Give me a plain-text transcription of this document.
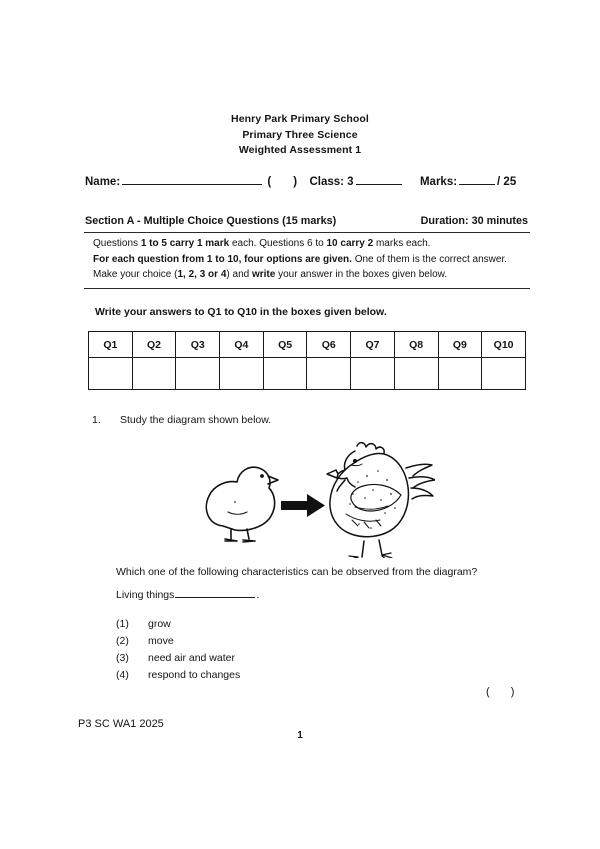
Henry Park Primary School
Primary Three Science
Weighted Assessment 1
Name:	( ) Class: 3	Marks:	/ 25
Section A - Multiple Choice Questions (15 marks)	Duration: 30 minutes

Questions 1 to 5 carry 1 mark each. Questions 6 to 10 carry 2 marks each.

For each question from 1 to 10, four options are given. One of them is the correct answer. Make your choice (1, 2, 3 or 4) and write your answer in the boxes given below.

Write your answers to Q1 to Q10 in the boxes given below.
Q1	Q2	Q3	Q4	Q5	Q6	Q7	Q8	Q9	Q10

1. Study the diagram shown below.
Which one of the following characteristics can be observed from the diagram?
Living things	.
(1)	grow
(2)	move
(3)	need air and water
(4)	respond to changes
( )
P3 SC WA1 2025
1
